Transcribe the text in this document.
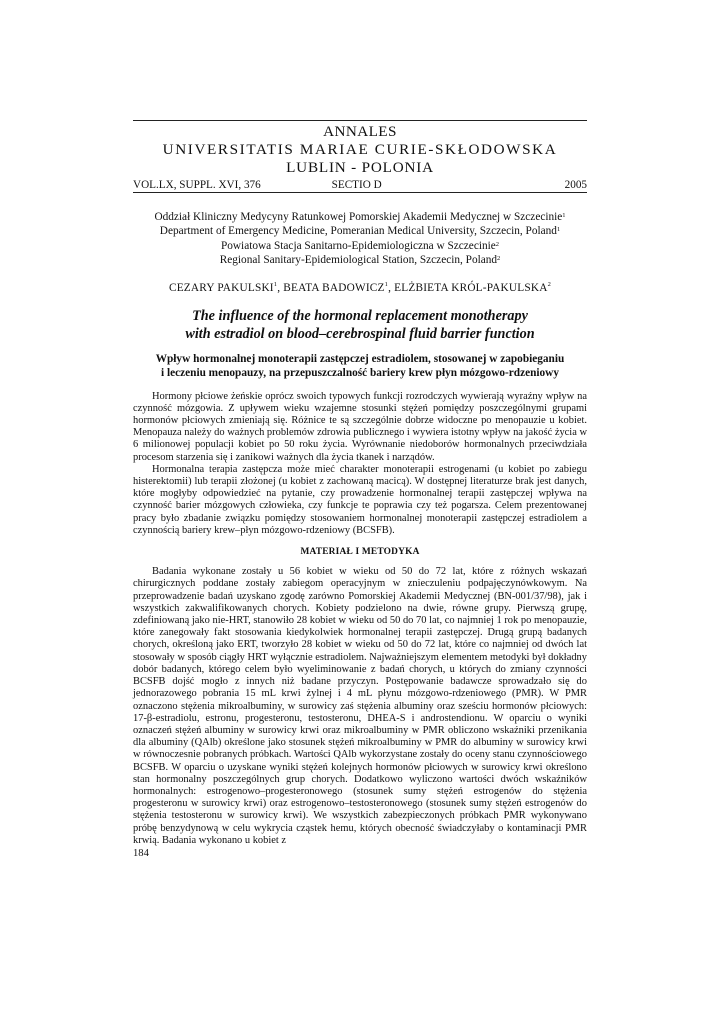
ANNALES
UNIVERSITATIS MARIAE CURIE-SKŁODOWSKA
LUBLIN - POLONIA
VOL.LX, SUPPL. XVI, 376	SECTIO D	2005
Oddział Kliniczny Medycyny Ratunkowej Pomorskiej Akademii Medycznej w Szczecinie$^1$
Department of Emergency Medicine, Pomeranian Medical University, Szczecin, Poland$^1$
Powiatowa Stacja Sanitarno-Epidemiologiczna w Szczecinie$^2$
Regional Sanitary-Epidemiological Station, Szczecin, Poland$^2$
CEZARY PAKULSKI$^1$, BEATA BADOWICZ$^1$, ELŻBIETA KRÓL-PAKULSKA$^2$
The influence of the hormonal replacement monotherapy
with estradiol on blood–cerebrospinal fluid barrier function
Wpływ hormonalnej monoterapii zastępczej estradiolem, stosowanej w zapobieganiu
i leczeniu menopauzy, na przepuszczalność bariery krew płyn mózgowo-rdzeniowy

Hormony płciowe żeńskie oprócz swoich typowych funkcji rozrodczych wywierają wyraźny wpływ na czynność mózgowia. Z upływem wieku wzajemne stosunki stężeń pomiędzy poszczególnymi grupami hormonów płciowych zmieniają się. Różnice te są szczególnie dobrze widoczne po menopauzie u kobiet. Menopauza należy do ważnych problemów zdrowia publicznego i wywiera istotny wpływ na jakość życia w 6 milionowej populacji kobiet po 50 roku życia. Wyrównanie niedoborów hormonalnych przeciwdziała procesom starzenia się i zanikowi ważnych dla życia tkanek i narządów.

Hormonalna terapia zastępcza może mieć charakter monoterapii estrogenami (u kobiet po zabiegu histerektomii) lub terapii złożonej (u kobiet z zachowaną macicą). W dostępnej literaturze brak jest danych, które mogłyby odpowiedzieć na pytanie, czy prowadzenie hormonalnej terapii zastępczej wpływa na czynność barier mózgowych człowieka, czy funkcje te poprawia czy też pogarsza. Celem prezentowanej pracy było zbadanie związku pomiędzy stosowaniem hormonalnej monoterapii zastępczej estradiolem a czynnością bariery krew–płyn mózgowo-rdzeniowy (BCSFB).

MATERIAŁ I METODYKA

Badania wykonane zostały u 56 kobiet w wieku od 50 do 72 lat, które z różnych wskazań chirurgicznych poddane zostały zabiegom operacyjnym w znieczuleniu podpajęczynówkowym. Na przeprowadzenie badań uzyskano zgodę zarówno Pomorskiej Akademii Medycznej (BN-001/37/98), jak i wszystkich zakwalifikowanych chorych. Kobiety podzielono na dwie, równe grupy. Pierwszą grupę, zdefiniowaną jako nie-HRT, stanowiło 28 kobiet w wieku od 50 do 70 lat, co najmniej 1 rok po menopauzie, które zanegowały fakt stosowania kiedykolwiek hormonalnej terapii zastępczej. Drugą grupą badanych chorych, określoną jako ERT, tworzyło 28 kobiet w wieku od 50 do 72 lat, które co najmniej od dwóch lat stosowały w sposób ciągły HRT wyłącznie estradiolem. Najważniejszym elementem metodyki był dokładny dobór badanych, którego celem było wyeliminowanie z badań chorych, u których do zmiany czynności BCSFB dojść mogło z innych niż badane przyczyn. Postępowanie badawcze sprowadzało się do jednorazowego pobrania 15 mL krwi żylnej i 4 mL płynu mózgowo-rdzeniowego (PMR). W PMR oznaczono stężenia mikroalbuminy, w surowicy zaś stężenia albuminy oraz sześciu hormonów płciowych: 17-β-estradiolu, estronu, progesteronu, testosteronu, DHEA-S i androstendionu. W oparciu o wyniki oznaczeń stężeń albuminy w surowicy krwi oraz mikroalbuminy w PMR obliczono wskaźniki przenikania dla albuminy (QAlb) określone jako stosunek stężeń mikroalbuminy w PMR do albuminy w surowicy krwi w równoczesnie pobranych próbkach. Wartości QAlb wykorzystane zostały do oceny stanu czynnościowego BCSFB. W oparciu o uzyskane wyniki stężeń kolejnych hormonów płciowych w surowicy krwi określono stan hormonalny poszczególnych grup chorych. Dodatkowo wyliczono wartości dwóch wskaźników hormonalnych: estrogenowo–progesteronowego (stosunek sumy stężeń estrogenów do stężenia progesteronu w surowicy krwi) oraz estrogenowo–testosteronowego (stosunek sumy stężeń estrogenów do stężenia testosteronu w surowicy krwi). We wszystkich zabezpieczonych próbkach PMR wykonywano próbę benzydynową w celu wykrycia cząstek hemu, których obecność świadczyłaby o kontaminacji PMR krwią. Badania wykonano u kobiet z

184
